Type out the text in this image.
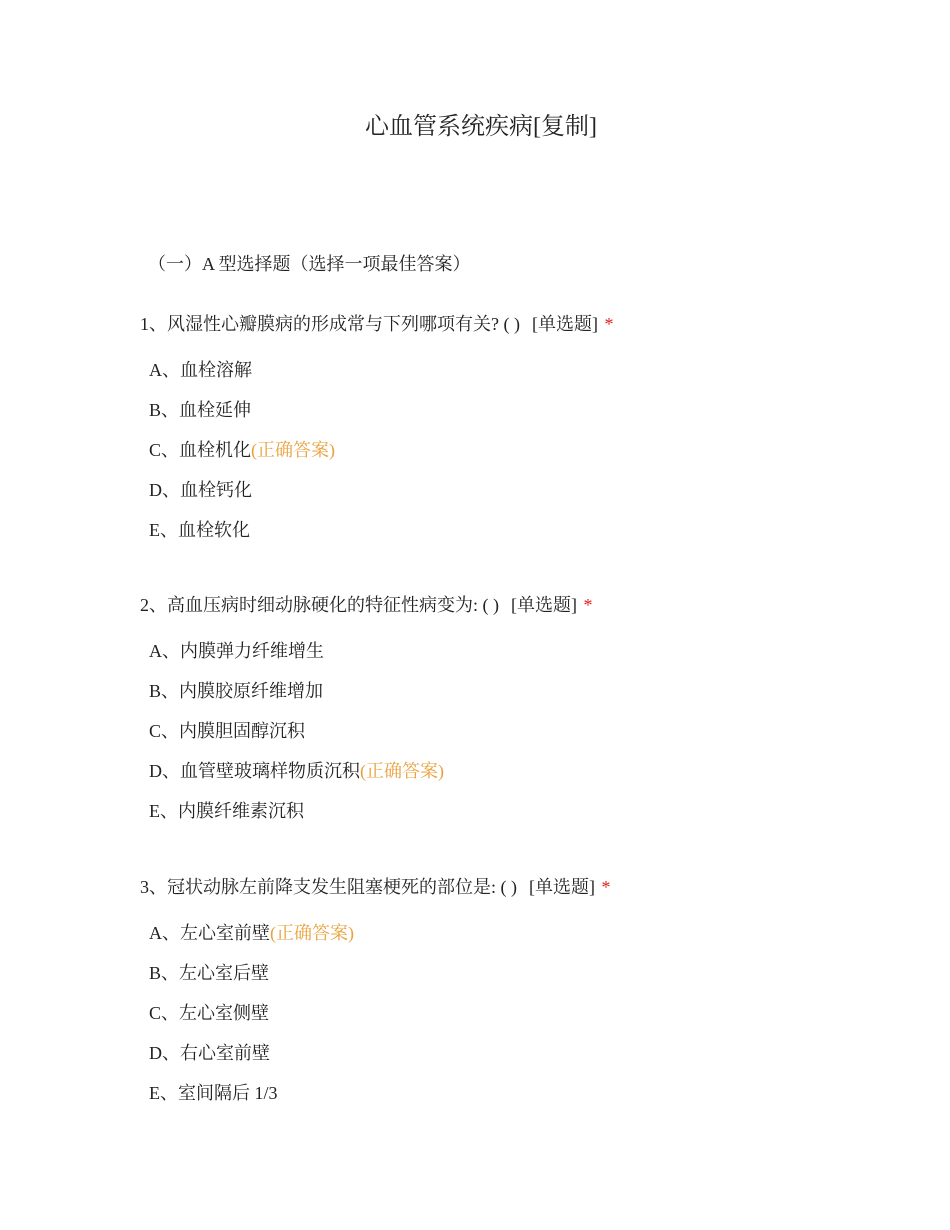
心血管系统疾病[复制]
（一）A 型选择题（选择一项最佳答案）
1、风湿性心瓣膜病的形成常与下列哪项有关? ( ) [单选题] *
A、血栓溶解
B、血栓延伸
C、血栓机化(正确答案)
D、血栓钙化
E、血栓软化
2、高血压病时细动脉硬化的特征性病变为: ( ) [单选题] *
A、内膜弹力纤维增生
B、内膜胶原纤维增加
C、内膜胆固醇沉积
D、血管壁玻璃样物质沉积(正确答案)
E、内膜纤维素沉积
3、冠状动脉左前降支发生阻塞梗死的部位是: ( ) [单选题] *
A、左心室前壁(正确答案)
B、左心室后壁
C、左心室侧壁
D、右心室前壁
E、室间隔后 1/3
